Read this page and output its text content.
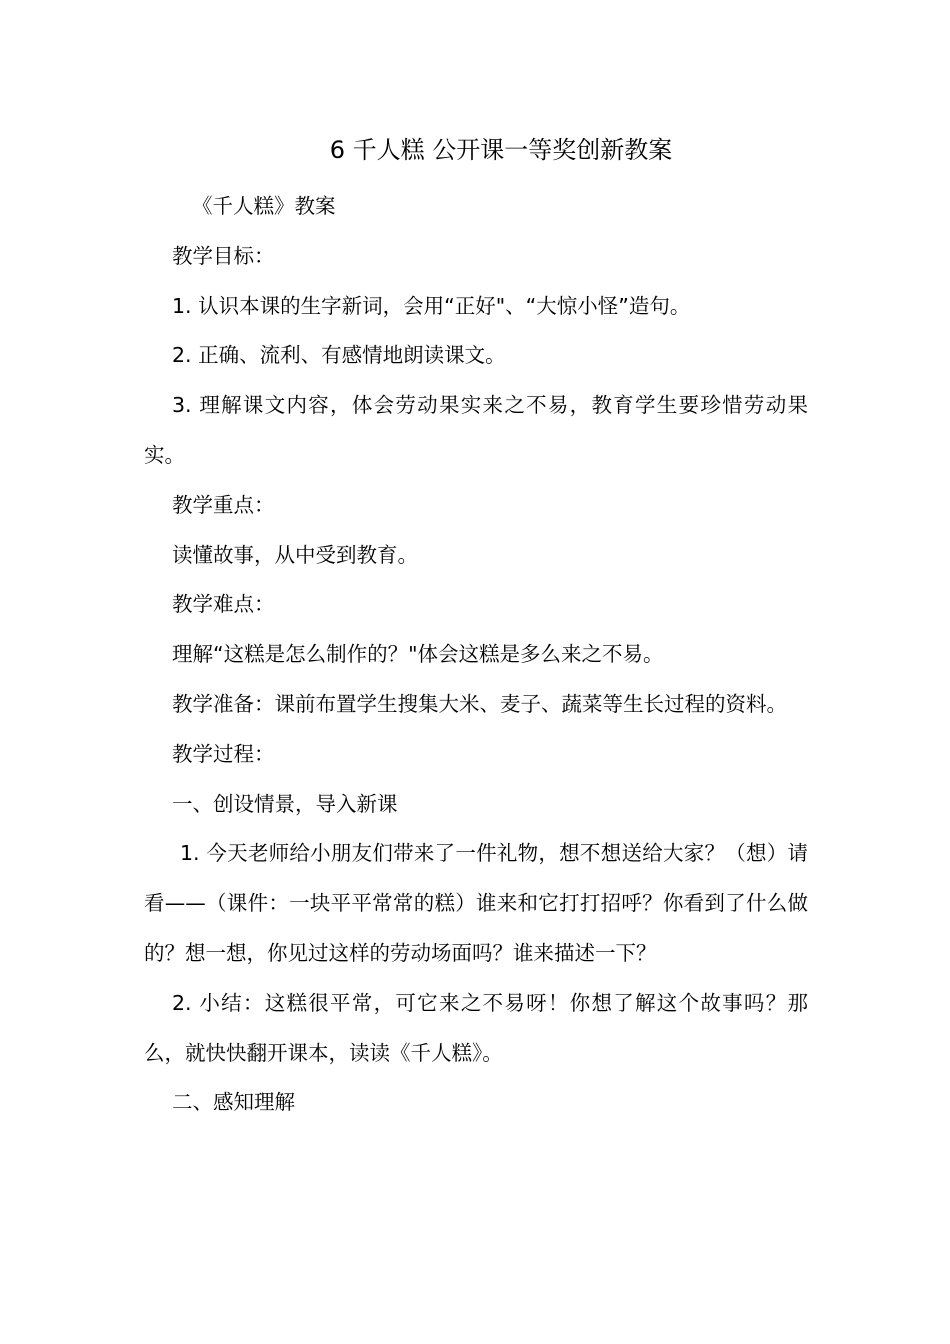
6 千人糕 公开课一等奖创新教案

《千人糕》教案

教学目标：

1. 认识本课的生字新词，会用“正好"、“大惊小怪”造句。

2. 正确、流利、有感情地朗读课文。

3. 理解课文内容，体会劳动果实来之不易，教育学生要珍惜劳动果实。

教学重点：

读懂故事，从中受到教育。

教学难点：

理解“这糕是怎么制作的？"体会这糕是多么来之不易。

教学准备：课前布置学生搜集大米、麦子、蔬菜等生长过程的资料。

教学过程：

一、创设情景，导入新课

1. 今天老师给小朋友们带来了一件礼物，想不想送给大家？（想）请看——（课件：一块平平常常的糕）谁来和它打打招呼？你看到了什么做的？想一想，你见过这样的劳动场面吗？谁来描述一下？

2. 小结：这糕很平常，可它来之不易呀！你想了解这个故事吗？那么，就快快翻开课本，读读《千人糕》。

二、感知理解
